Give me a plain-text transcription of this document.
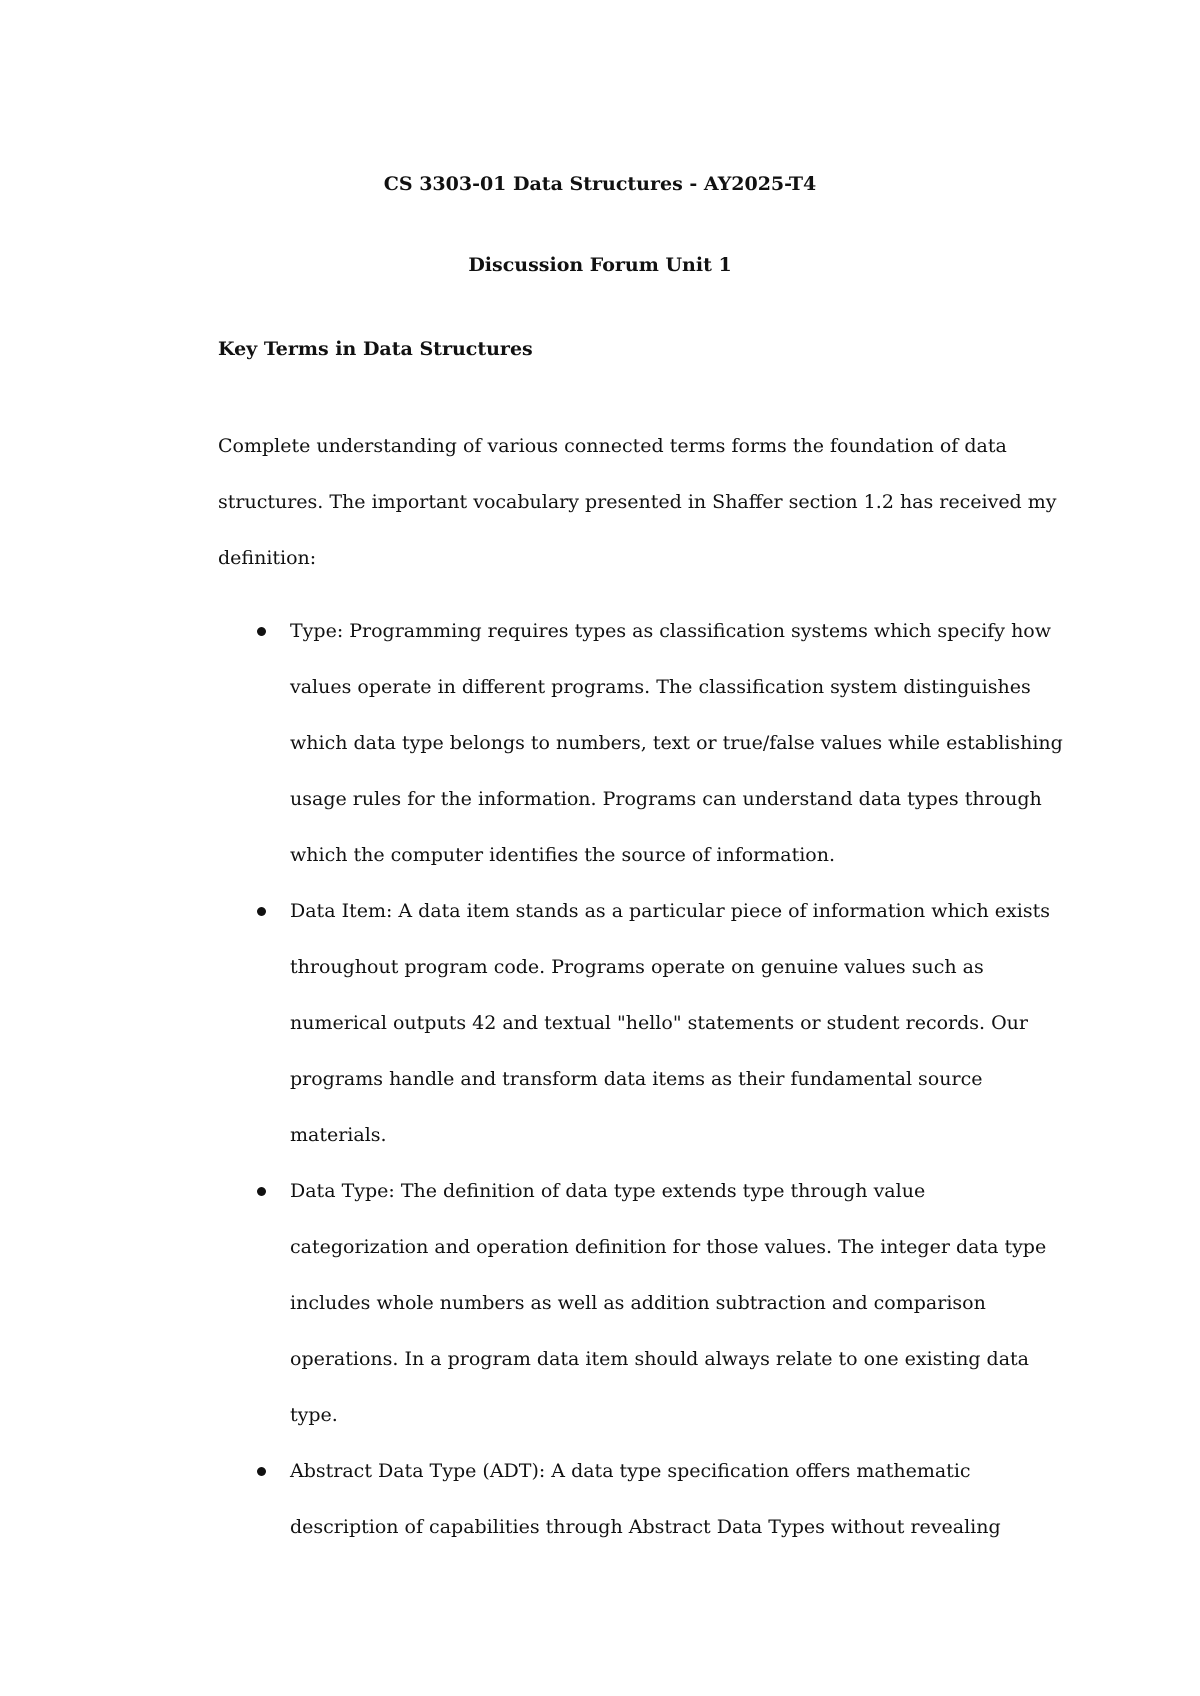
CS 3303-01 Data Structures - AY2025-T4

Discussion Forum Unit 1

Key Terms in Data Structures

Complete understanding of various connected terms forms the foundation of data structures. The important vocabulary presented in Shaffer section 1.2 has received my definition:

Type: Programming requires types as classification systems which specify how values operate in different programs. The classification system distinguishes which data type belongs to numbers, text or true/false values while establishing usage rules for the information. Programs can understand data types through which the computer identifies the source of information.
Data Item: A data item stands as a particular piece of information which exists throughout program code. Programs operate on genuine values such as numerical outputs 42 and textual "hello" statements or student records. Our programs handle and transform data items as their fundamental source materials.
Data Type: The definition of data type extends type through value categorization and operation definition for those values. The integer data type includes whole numbers as well as addition subtraction and comparison operations. In a program data item should always relate to one existing data type.
Abstract Data Type (ADT): A data type specification offers mathematic description of capabilities through Abstract Data Types without revealing
